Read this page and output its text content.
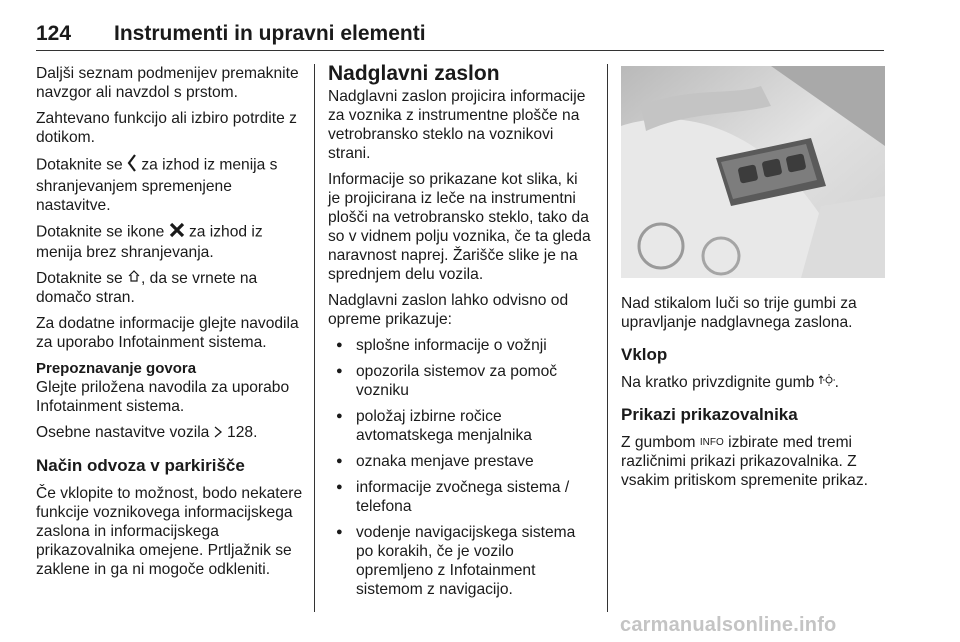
124 Instrumenti in upravni elementi

Daljši seznam podmenijev premaknite navzgor ali navzdol s prstom.

Zahtevano funkcijo ali izbiro potrdite z dotikom.

Dotaknite se  za izhod iz menija s shranjevanjem spremenjene nastavitve.

Dotaknite se ikone  za izhod iz menija brez shranjevanja.

Dotaknite se , da se vrnete na domačo stran.

Za dodatne informacije glejte navodila za uporabo Infotainment sistema.

Prepoznavanje govora

Glejte priložena navodila za uporabo Infotainment sistema.

Osebne nastavitve vozila  128.

Način odvoza v parkirišče

Če vklopite to možnost, bodo nekatere funkcije voznikovega informacijskega zaslona in informacijskega prikazovalnika omejene. Prtljažnik se zaklene in ga ni mogoče odkleniti.

Nadglavni zaslon

Nadglavni zaslon projicira informacije za voznika z instrumentne plošče na vetrobransko steklo na voznikovi strani.

Informacije so prikazane kot slika, ki je projicirana iz leče na instrumentni plošči na vetrobransko steklo, tako da so v vidnem polju voznika, če ta gleda naravnost naprej. Žarišče slike je na sprednjem delu vozila.

Nadglavni zaslon lahko odvisno od opreme prikazuje:

● splošne informacije o vožnji
● opozorila sistemov za pomoč vozniku
● položaj izbirne ročice avtomatskega menjalnika
● oznaka menjave prestave
● informacije zvočnega sistema / telefona
● vodenje navigacijskega sistema po korakih, če je vozilo opremljeno z Infotainment sistemom z navigacijo.

Nad stikalom luči so trije gumbi za upravljanje nadglavnega zaslona.

Vklop

Na kratko privzdignite gumb .

Prikazi prikazovalnika

Z gumbom INFO izbirate med tremi različnimi prikazi prikazovalnika. Z vsakim pritiskom spremenite prikaz.

carmanualsonline.info
